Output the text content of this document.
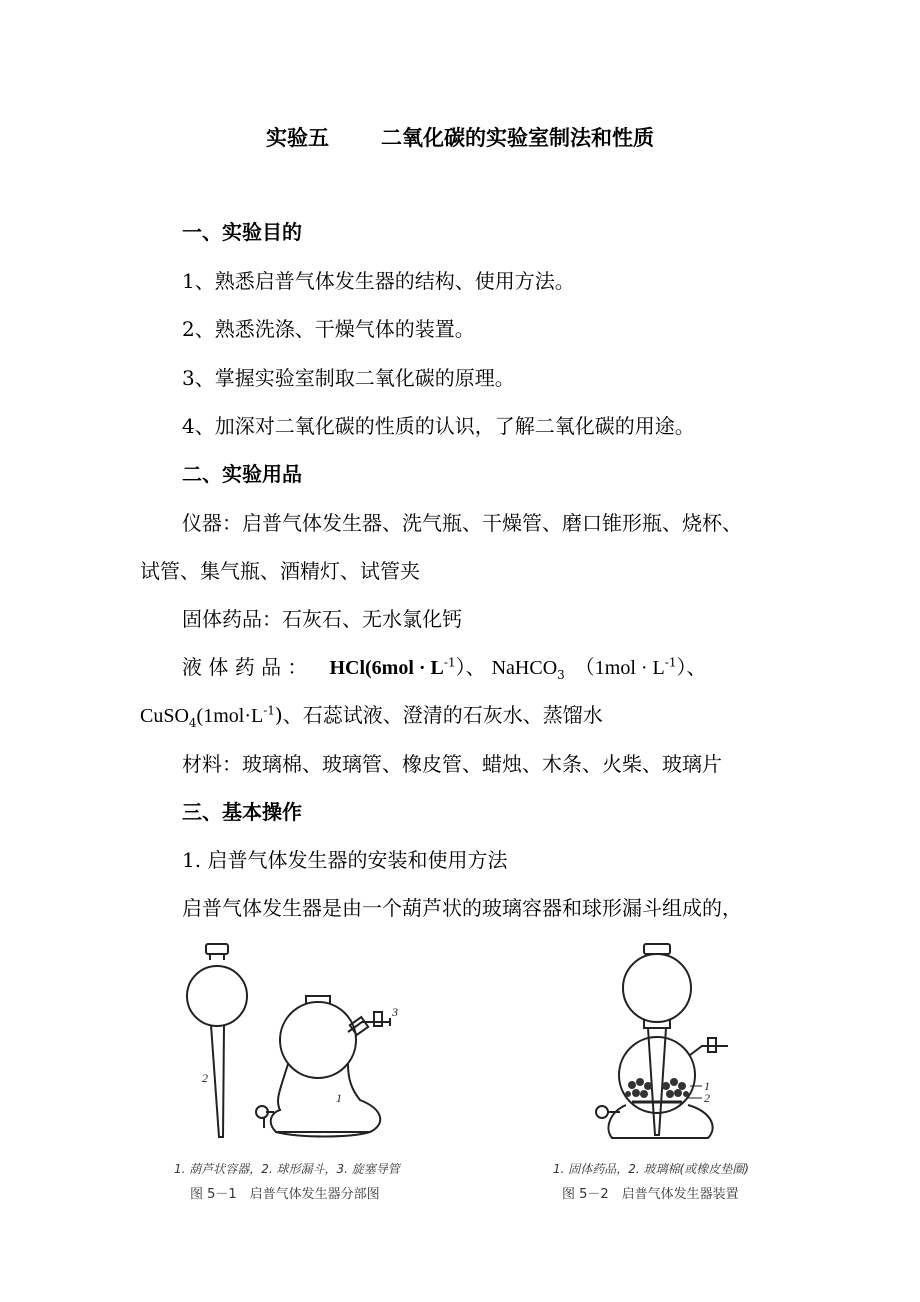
实验五 二氧化碳的实验室制法和性质
一、实验目的
1、熟悉启普气体发生器的结构、使用方法。
2、熟悉洗涤、干燥气体的装置。
3、掌握实验室制取二氧化碳的原理。
4、加深对二氧化碳的性质的认识，了解二氧化碳的用途。
二、实验用品
仪器：启普气体发生器、洗气瓶、干燥管、磨口锥形瓶、烧杯、
试管、集气瓶、酒精灯、试管夹
固体药品：石灰石、无水氯化钙
液 体 药 品 ： $HCl(6mol \cdot L^{-1})$、 NaHCO$_3$ $(1mol \cdot L^{-1})$、
$CuSO_4(1mol\cdot L^{-1})$、石蕊试液、澄清的石灰水、蒸馏水
材料：玻璃棉、玻璃管、橡皮管、蜡烛、木条、火柴、玻璃片
三、基本操作
1. 启普气体发生器的安装和使用方法
启普气体发生器是由一个葫芦状的玻璃容器和球形漏斗组成的，
2
1
3
1. 葫芦状容器，2. 球形漏斗，3. 旋塞导管
图 5－1　启普气体发生器分部图
1
2
1. 固体药品，2. 玻璃棉(或橡皮垫圈)
图 5－2　启普气体发生器装置
